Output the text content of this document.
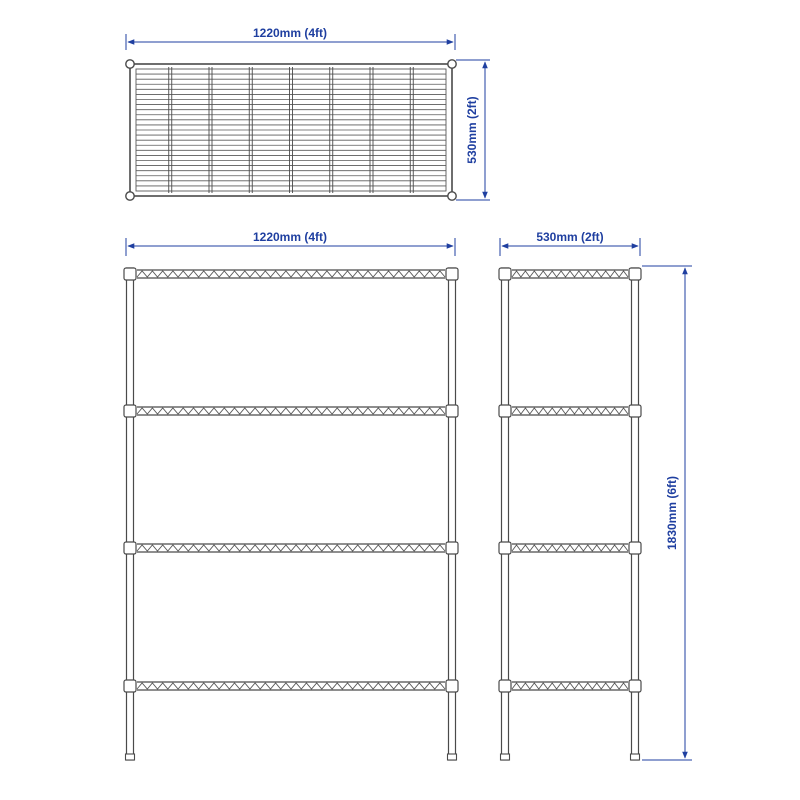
1220mm (4ft)
530mm (2ft)
1220mm (4ft)	530mm (2ft)
1830mm (6ft)
